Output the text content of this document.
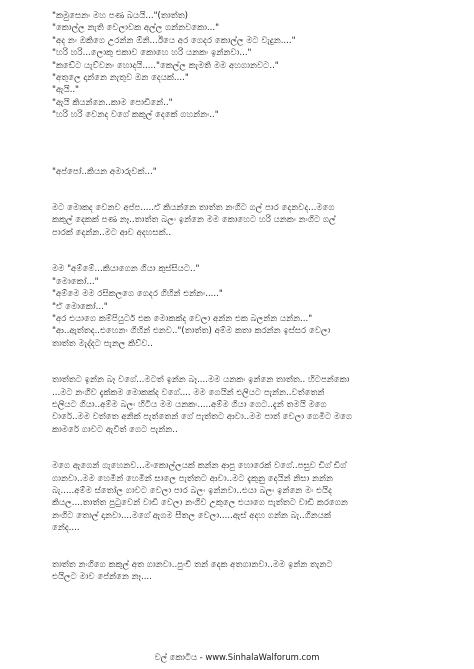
"කමුසෙනං මහ පණ බයයි..."(තාත්ත)
"කොල්ල නැති වෙලාවක අල්ල ගන්නවකො..."
"අද නං ඔකිගෙ උරන්න ඕනි...ඊයෙ අර ගෙදර කොල්ල මට වැදුන...."
"හරි හරි...ලොකු එකාව කොහෙ හරි යනකං ඉන්නවා..."
"කඩේට යැව්වනං හොදයි....."කෙල්ල කැමති මම අහගානවට.."
"අතුලෙ දාන්නෙ නැතුව ඔන දෙයක්...."
"ඇයි.."
"ඇයි කියන්නෙ..කාම පොඩිනේ.."
"හරි හරි වෙනද වගේ කකුල් දෙකේ ගහන්නං.."
"අප්පෝ..කියන අමාරුවක්..."
මට මොකද වෙනව අප්ප.....ඒ කියන්නෙ තාත්ත නංගිට ගල් පාර දෙනවද...මගෙ
කකුල් දෙකක් පණ නෑ..තාත්ත බලං ඉන්නෙ මම කොහෙට හරි යනකං නංගිට ගල්
පාරක් දෙන්න..මට ආව අදහසක්..
මම "අම්මේ...කියාගෙන ගියා කුස්සියට.."
"මොකෝ..."
"අම්මෙ මම රසිකලගෙ ගෙදර ගිහින් එන්නං....."
"ඒ මොකෝ..."
"අර එයාගෙ කම්පියුටර් එක මොකක්ද වෙලා අන්න එක බලන්න යන්න..."
"ආ..ඇත්තද..එහෙනං ගිහින් එනව.."(තාත්ත) අම්ම කතා කරන්න ඉස්සර වෙලා
තාත්ත මැද්දට පැනල කිව්ව..
තාත්තට ඉන්න බෑ වගේ...මටත් ඉන්න බෑ....මම යනකං ඉන්නෙ තාත්ත.. හිටපන්කො
...මට නංගිව දැක්කම මොකක්ද වගේ.... මම ගෙයින් එලියට පැන්න..වත්තෙන්
එලියට ගියා..අම්ම බලං හිටිය මම යනකං.....අම්ම ගියා ගෙට..දැන් තමයි මගෙ
වාරේ..මම වත්තෙ අනික් පැත්තෙන් ගේ පැත්තට ආවා..මම පාත් වෙලා ගෙමිට මගෙ
කාමරේ ගාවට ඇවිත් ගෙට පැන්න..
මගෙ ඇගෙන් ගැහෙනව...මංකොල්ලයක් කන්න ආපු හොරෙක් වගේ..පසුව ඩිග් ඩිග්
ගානවා..මම හෙමින් හෙමින් සාලෙ පැත්තට ආවා..මට දැකුනු දෙයින් නිසා නන්න
බැ.....අම්ම ස්තෝල ගාවට වෙලා පාර බලං ඉන්නවා..එයා බලං ඉන්නෙ මං එයිද
කියල....තාත්ත පුටුවෙන් වාඩි වෙලා නංගිව උකුලෙ එයාගෙ පැත්තට වාඩි කරගෙන
නංගිට තොල් දානවා....මගේ ඇගම සීතල වෙලා.....ඇස් අදහ ගන්න බැ..ගිනයක්
නේද....
තාත්ත නංගිගෙ කකුල් අත ගානවා..පුංචි තන් දෙක අතගානවා..මම ඉන්න තැනට
එයිලට මාව පේන්නෙ නෑ....
වල් කොටිය - www.SinhalaWalforum.com
